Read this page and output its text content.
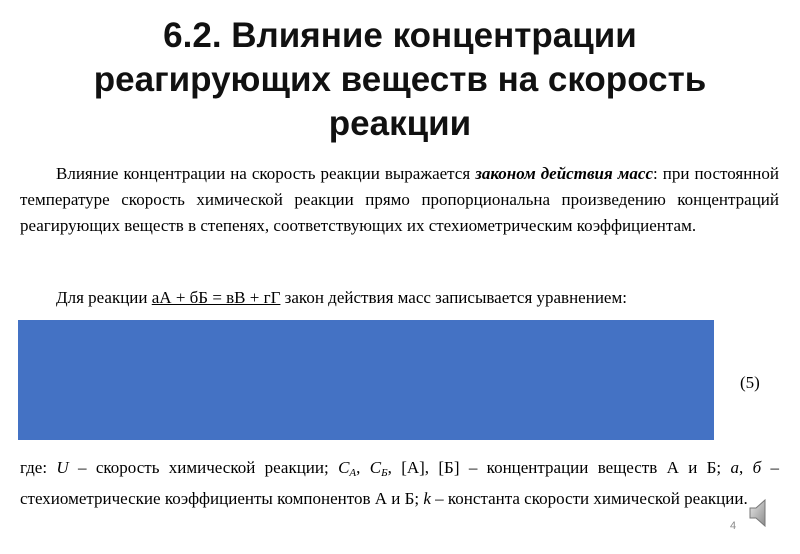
6.2. Влияние концентрации
реагирующих веществ на скорость
реакции
Влияние концентрации на скорость реакции выражается законом действия масс: при постоянной температуре скорость химической реакции прямо пропорциональна произведению концентраций реагирующих веществ в степенях, соответствующих их стехиометрическим коэффициентам.
Для реакции аА + бБ = вВ + гГ закон действия масс записывается уравнением:
(5)
где: U – скорость химической реакции; $C_A$, $C_Б$, [A], [Б] – концентрации веществ А и Б; a, б – стехиометрические коэффициенты компонентов А и Б; k – константа скорости химической реакции.
4
